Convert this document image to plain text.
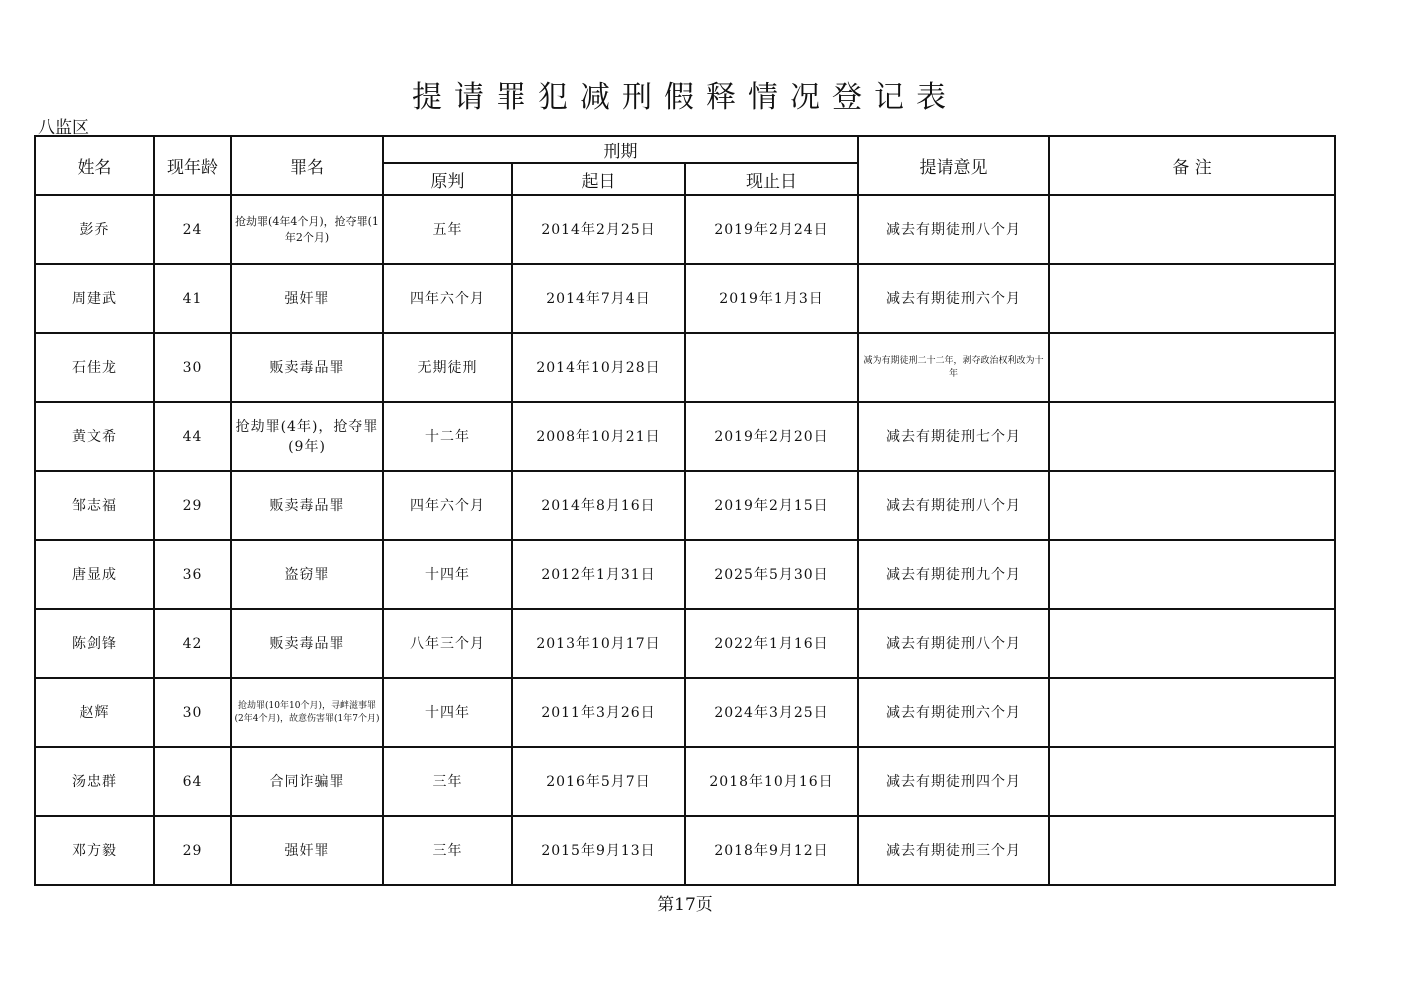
提请罪犯减刑假释情况登记表
八监区
姓名	现年龄	罪名	刑期			提请意见	备 注
			原判	起日	现止日		
彭乔	24	抢劫罪(4年4个月)，抢夺罪(1年2个月)	五年	2014年2月25日	2019年2月24日	减去有期徒刑八个月	
周建武	41	强奸罪	四年六个月	2014年7月4日	2019年1月3日	减去有期徒刑六个月	
石佳龙	30	贩卖毒品罪	无期徒刑	2014年10月28日		减为有期徒刑二十二年，剥夺政治权利改为十年	
黄文希	44	抢劫罪(4年)，抢夺罪(9年)	十二年	2008年10月21日	2019年2月20日	减去有期徒刑七个月	
邹志福	29	贩卖毒品罪	四年六个月	2014年8月16日	2019年2月15日	减去有期徒刑八个月	
唐显成	36	盗窃罪	十四年	2012年1月31日	2025年5月30日	减去有期徒刑九个月	
陈剑锋	42	贩卖毒品罪	八年三个月	2013年10月17日	2022年1月16日	减去有期徒刑八个月	
赵辉	30	抢劫罪(10年10个月)，寻衅滋事罪(2年4个月)，故意伤害罪(1年7个月)	十四年	2011年3月26日	2024年3月25日	减去有期徒刑六个月	
汤忠群	64	合同诈骗罪	三年	2016年5月7日	2018年10月16日	减去有期徒刑四个月	
邓方毅	29	强奸罪	三年	2015年9月13日	2018年9月12日	减去有期徒刑三个月	
第17页
